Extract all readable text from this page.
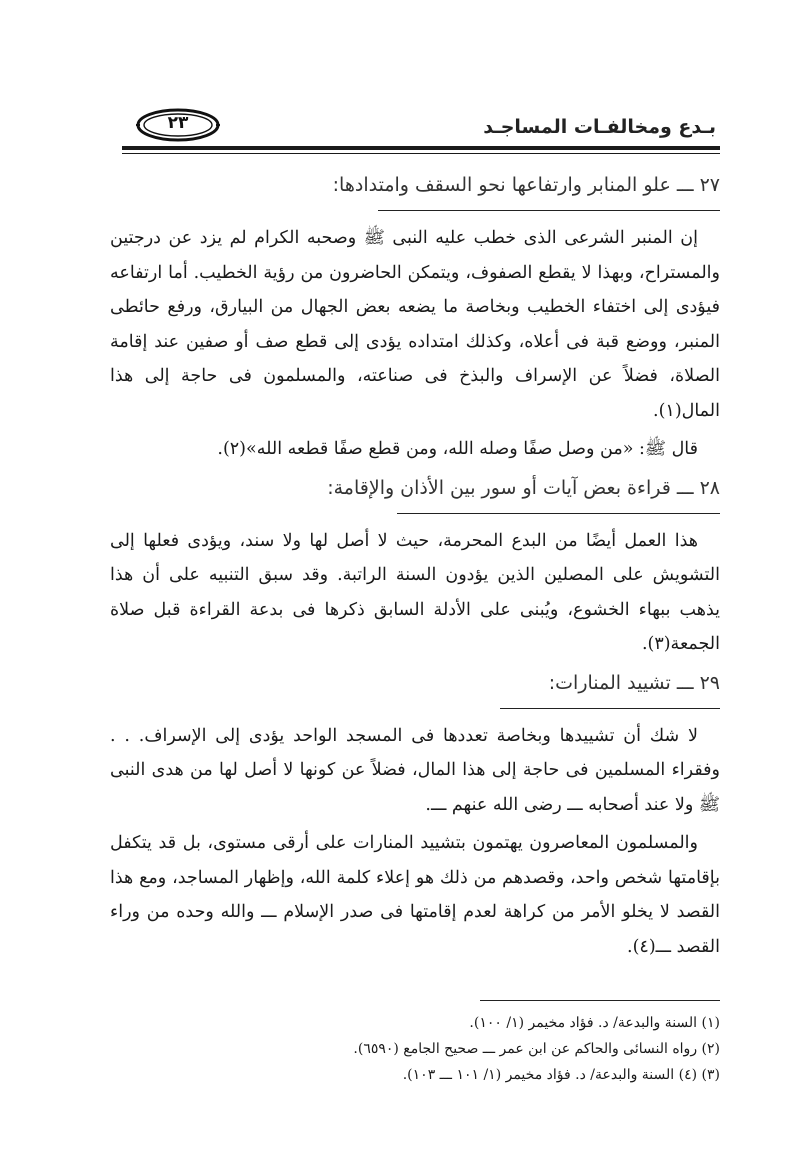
بـدع ومخالفـات المساجـد
٢٣
٢٧ ـــ علو المنابر وارتفاعها نحو السقف وامتدادها:

إن المنبر الشرعى الذى خطب عليه النبى ﷺ وصحبه الكرام لم يزد عن درجتين والمستراح، وبهذا لا يقطع الصفوف، ويتمكن الحاضرون من رؤية الخطيب. أما ارتفاعه فيؤدى إلى اختفاء الخطيب وبخاصة ما يضعه بعض الجهال من البيارق، ورفع حائطى المنبر، ووضع قبة فى أعلاه، وكذلك امتداده يؤدى إلى قطع صف أو صفين عند إقامة الصلاة، فضلاً عن الإسراف والبذخ فى صناعته، والمسلمون فى حاجة إلى هذا المال(١).

قال ﷺ: «من وصل صفًا وصله الله، ومن قطع صفًا قطعه الله»(٢).

٢٨ ـــ قراءة بعض آيات أو سور بين الأذان والإقامة:

هذا العمل أيضًا من البدع المحرمة، حيث لا أصل لها ولا سند، ويؤدى فعلها إلى التشويش على المصلين الذين يؤدون السنة الراتبة. وقد سبق التنبيه على أن هذا يذهب ببهاء الخشوع، ويُبنى على الأدلة السابق ذكرها فى بدعة القراءة قبل صلاة الجمعة(٣).

٢٩ ـــ تشييد المنارات:

لا شك أن تشييدها وبخاصة تعددها فى المسجد الواحد يؤدى إلى الإسراف. . . وفقراء المسلمين فى حاجة إلى هذا المال، فضلاً عن كونها لا أصل لها من هدى النبى ﷺ ولا عند أصحابه ـــ رضى الله عنهم ـــ.

والمسلمون المعاصرون يهتمون بتشييد المنارات على أرقى مستوى، بل قد يتكفل بإقامتها شخص واحد، وقصدهم من ذلك هو إعلاء كلمة الله، وإظهار المساجد، ومع هذا القصد لا يخلو الأمر من كراهة لعدم إقامتها فى صدر الإسلام ـــ والله وحده من وراء القصد ـــ(٤).

(١) السنة والبدعة/ د. فؤاد مخيمر (١/ ١٠٠).

(٢) رواه النسائى والحاكم عن ابن عمر ـــ صحيح الجامع (٦٥٩٠).

(٣) (٤) السنة والبدعة/ د. فؤاد مخيمر (١/ ١٠١ ـــ ١٠٣).
